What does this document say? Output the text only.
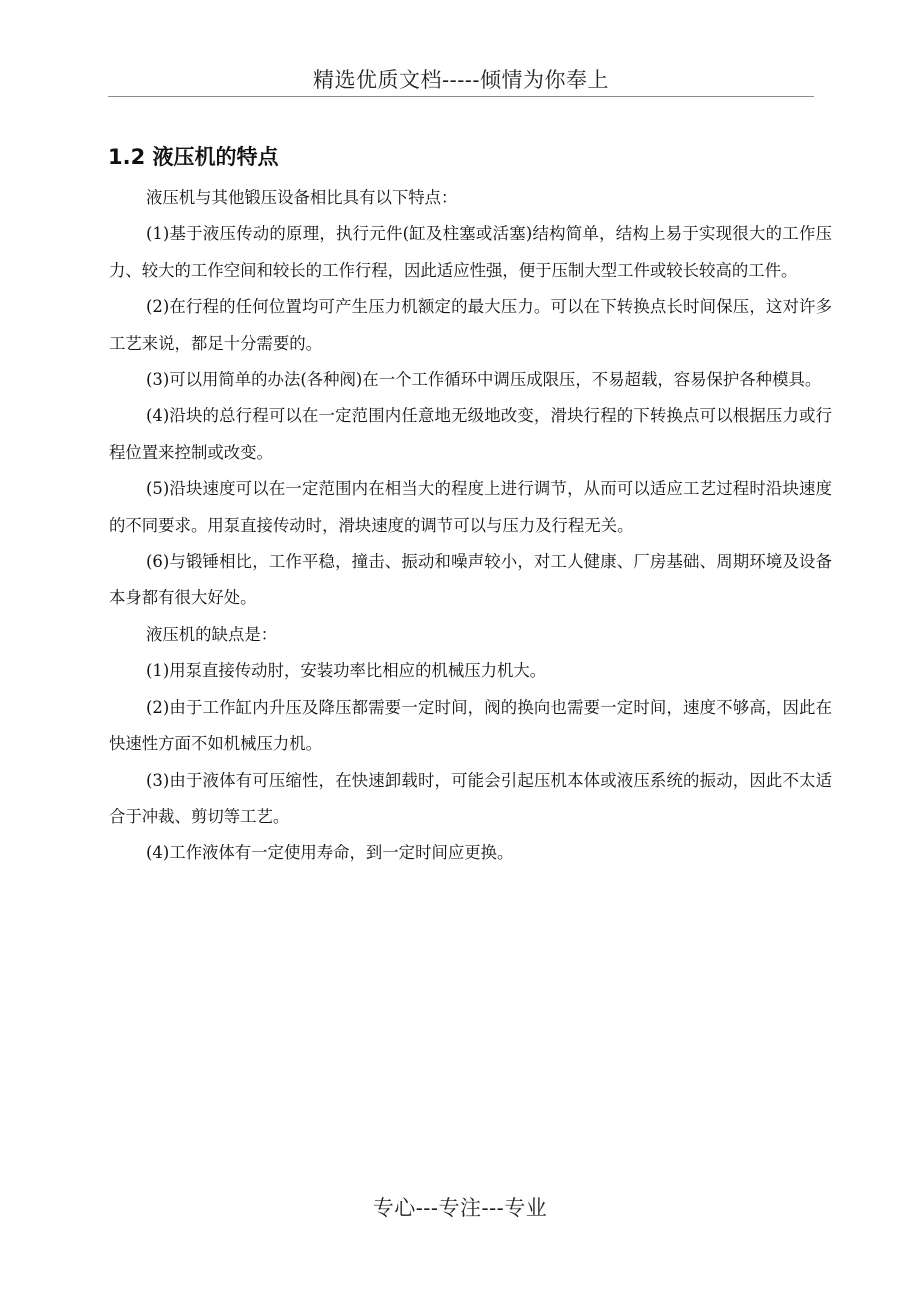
精选优质文档-----倾情为你奉上
1.2 液压机的特点

液压机与其他锻压设备相比具有以下特点：

(1)基于液压传动的原理，执行元件(缸及柱塞或活塞)结构简单，结构上易于实现很大的工作压力、较大的工作空间和较长的工作行程，因此适应性强，便于压制大型工件或较长较高的工件。

(2)在行程的任何位置均可产生压力机额定的最大压力。可以在下转换点长时间保压，这对许多工艺来说，都足十分需要的。

(3)可以用简单的办法(各种阀)在一个工作循环中调压成限压，不易超载，容易保护各种模具。

(4)沿块的总行程可以在一定范围内任意地无级地改变，滑块行程的下转换点可以根据压力或行程位置来控制或改变。

(5)沿块速度可以在一定范围内在相当大的程度上进行调节，从而可以适应工艺过程时沿块速度的不同要求。用泵直接传动时，滑块速度的调节可以与压力及行程无关。

(6)与锻锤相比，工作平稳，撞击、振动和噪声较小，对工人健康、厂房基础、周期环境及设备本身都有很大好处。

液压机的缺点是：

(1)用泵直接传动肘，安装功率比相应的机械压力机大。

(2)由于工作缸内升压及降压都需要一定时间，阀的换向也需要一定时间，速度不够高，因此在快速性方面不如机械压力机。

(3)由于液体有可压缩性，在快速卸载时，可能会引起压机本体或液压系统的振动，因此不太适合于冲裁、剪切等工艺。

(4)工作液体有一定使用寿命，到一定时间应更换。

专心---专注---专业
